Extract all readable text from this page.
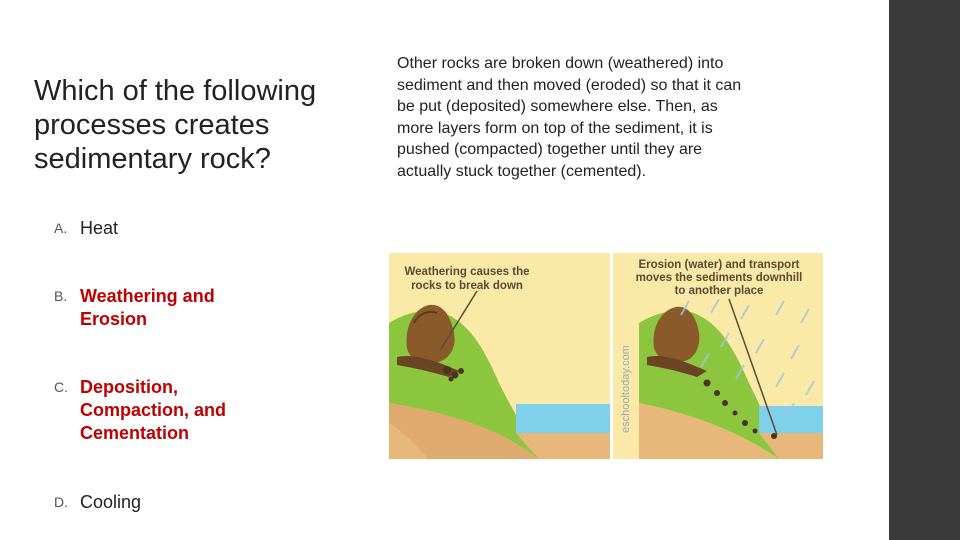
Which of the following
processes creates
sedimentary rock?
A. Heat
B. Weathering and
Erosion
C. Deposition,
Compaction, and
Cementation
D. Cooling
Other rocks are broken down (weathered) into
sediment and then moved (eroded) so that it can
be put (deposited) somewhere else. Then, as
more layers form on top of the sediment, it is
pushed (compacted) together until they are
actually stuck together (cemented).
Weathering causes the
rocks to break down
Erosion (water) and transport
moves the sediments downhill
to another place
eschooltoday.com
